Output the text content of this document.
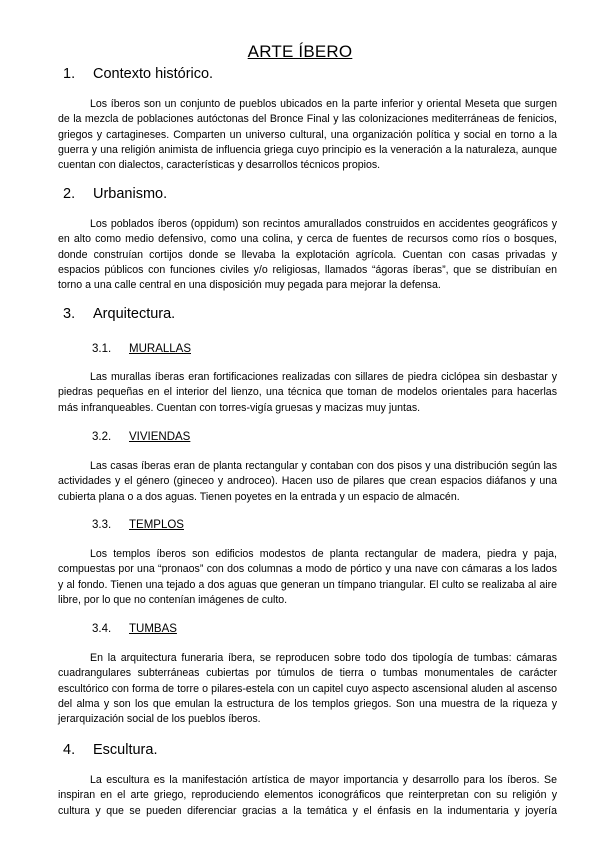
ARTE ÍBERO
1. Contexto histórico.

Los íberos son un conjunto de pueblos ubicados en la parte inferior y oriental Meseta que surgen de la mezcla de poblaciones autóctonas del Bronce Final y las colonizaciones mediterráneas de fenicios, griegos y cartagineses. Comparten un universo cultural, una organización política y social en torno a la guerra y una religión animista de influencia griega cuyo principio es la veneración a la naturaleza, aunque cuentan con dialectos, características y desarrollos técnicos propios.

2. Urbanismo.

Los poblados íberos (oppidum) son recintos amurallados construidos en accidentes geográficos y en alto como medio defensivo, como una colina, y cerca de fuentes de recursos como ríos o bosques, donde construían cortijos donde se llevaba la explotación agrícola. Cuentan con casas privadas y espacios públicos con funciones civiles y/o religiosas, llamados “ágoras íberas”, que se distribuían en torno a una calle central en una disposición muy pegada para mejorar la defensa.

3. Arquitectura.
3.1. MURALLAS

Las murallas íberas eran fortificaciones realizadas con sillares de piedra ciclópea sin desbastar y piedras pequeñas en el interior del lienzo, una técnica que toman de modelos orientales para hacerlas más infranqueables. Cuentan con torres-vigía gruesas y macizas muy juntas.

3.2. VIVIENDAS

Las casas íberas eran de planta rectangular y contaban con dos pisos y una distribución según las actividades y el género (gineceo y androceo). Hacen uso de pilares que crean espacios diáfanos y una cubierta plana o a dos aguas. Tienen poyetes en la entrada y un espacio de almacén.

3.3. TEMPLOS

Los templos íberos son edificios modestos de planta rectangular de madera, piedra y paja, compuestas por una “pronaos” con dos columnas a modo de pórtico y una nave con cámaras a los lados y al fondo. Tienen una tejado a dos aguas que generan un tímpano triangular. El culto se realizaba al aire libre, por lo que no contenían imágenes de culto.

3.4. TUMBAS

En la arquitectura funeraria íbera, se reproducen sobre todo dos tipología de tumbas: cámaras cuadrangulares subterráneas cubiertas por túmulos de tierra o tumbas monumentales de carácter escultórico con forma de torre o pilares-estela con un capitel cuyo aspecto ascensional aluden al ascenso del alma y son los que emulan la estructura de los templos griegos. Son una muestra de la riqueza y jerarquización social de los pueblos íberos.

4. Escultura.

La escultura es la manifestación artística de mayor importancia y desarrollo para los íberos. Se inspiran en el arte griego, reproduciendo elementos iconográficos que reinterpretan con su religión y cultura y que se pueden diferenciar gracias a la temática y el énfasis en la indumentaria y joyería
